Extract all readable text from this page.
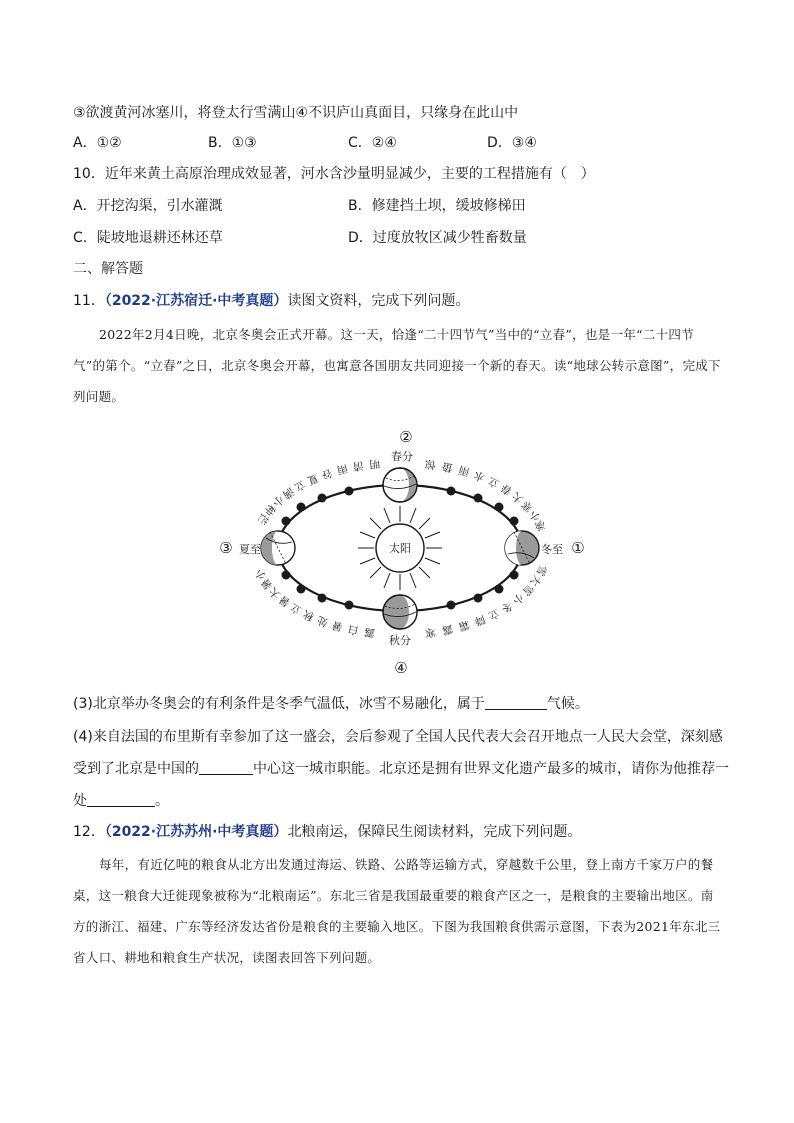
③欲渡黄河冰塞川，将登太行雪满山④不识庐山真面目，只缘身在此山中
A．①②	B．①③	C．②④	D．③④
10．近年来黄土高原治理成效显著，河水含沙量明显减少，主要的工程措施有（　）
A．开挖沟渠，引水灌溉	B．修建挡土坝，缓坡修梯田
C．陡坡地退耕还林还草	D．过度放牧区减少牲畜数量
二、解答题
11．（2022·江苏宿迁·中考真题）读图文资料，完成下列问题。
2022年2月4日晚，北京冬奥会正式开幕。这一天，恰逢“二十四节气”当中的“立春”，也是一年“二十四节气”的第个。“立春”之日，北京冬奥会开幕，也寓意各国朋友共同迎接一个新的春天。读“地球公转示意图”，完成下列问题。
太阳
②
③	①
④
春分
夏至	冬至
秋分
芒
种
小
满
立
夏 谷 雨 清 明	惊 蛰 雨 水 立
春
大
寒
小
寒
小
暑
大
暑
立
秋 处 暑 白 露	寒 露 霜 降 立
冬
小
雪
大
雪
(3)北京举办冬奥会的有利条件是冬季气温低，冰雪不易融化，属于	气候。
(4)来自法国的布里斯有幸参加了这一盛会，会后参观了全国人民代表大会召开地点一人民大会堂，深刻感
受到了北京是中国的	中心这一城市职能。北京还是拥有世界文化遗产最多的城市，请你为他推荐一
处	。
12．（2022·江苏苏州·中考真题）北粮南运，保障民生阅读材料，完成下列问题。
每年，有近亿吨的粮食从北方出发通过海运、铁路、公路等运输方式，穿越数千公里，登上南方千家万户的餐桌，这一粮食大迁徙现象被称为“北粮南运”。东北三省是我国最重要的粮食产区之一，是粮食的主要输出地区。南方的浙江、福建、广东等经济发达省份是粮食的主要输入地区。下图为我国粮食供需示意图，下表为2021年东北三省人口、耕地和粮食生产状况，读图表回答下列问题。
